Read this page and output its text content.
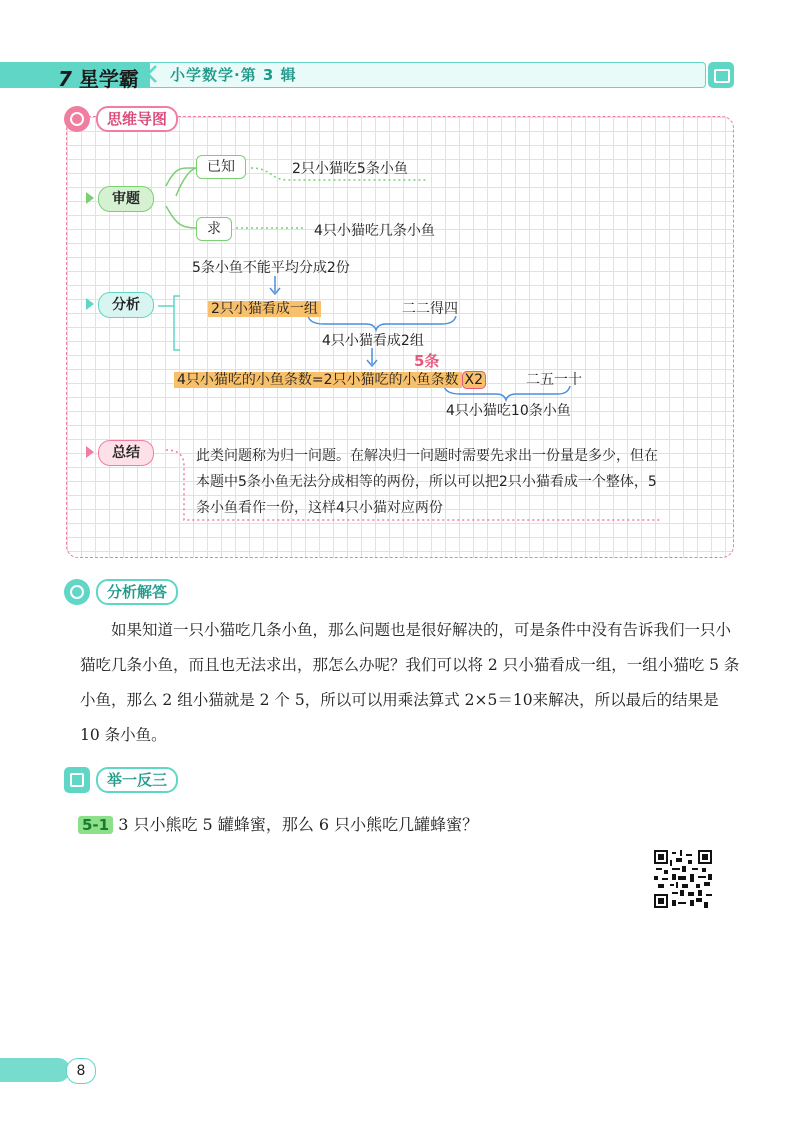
7 星学霸 小学数学·第 3 辑
思维导图
审题
已知	2只小猫吃5条小鱼
求	4只小猫吃几条小鱼
分析
5条小鱼不能平均分成2份
2只小猫看成一组	二二得四
4只小猫看成2组
5条
4只小猫吃的小鱼条数=2只小猫吃的小鱼条数 X2	二五一十
4只小猫吃10条小鱼
总结	此类问题称为归一问题。在解决归一问题时需要先求出一份量是多少，但在本题中5条小鱼无法分成相等的两份，所以可以把2只小猫看成一个整体，5条小鱼看作一份，这样4只小猫对应两份
分析解答
如果知道一只小猫吃几条小鱼，那么问题也是很好解决的，可是条件中没有告诉我们一只小猫吃几条小鱼，而且也无法求出，那怎么办呢？我们可以将 2 只小猫看成一组，一组小猫吃 5 条小鱼，那么 2 组小猫就是 2 个 5，所以可以用乘法算式 2×5＝10来解决，所以最后的结果是 10 条小鱼。
举一反三
5-1 3 只小熊吃 5 罐蜂蜜，那么 6 只小熊吃几罐蜂蜜？
8
